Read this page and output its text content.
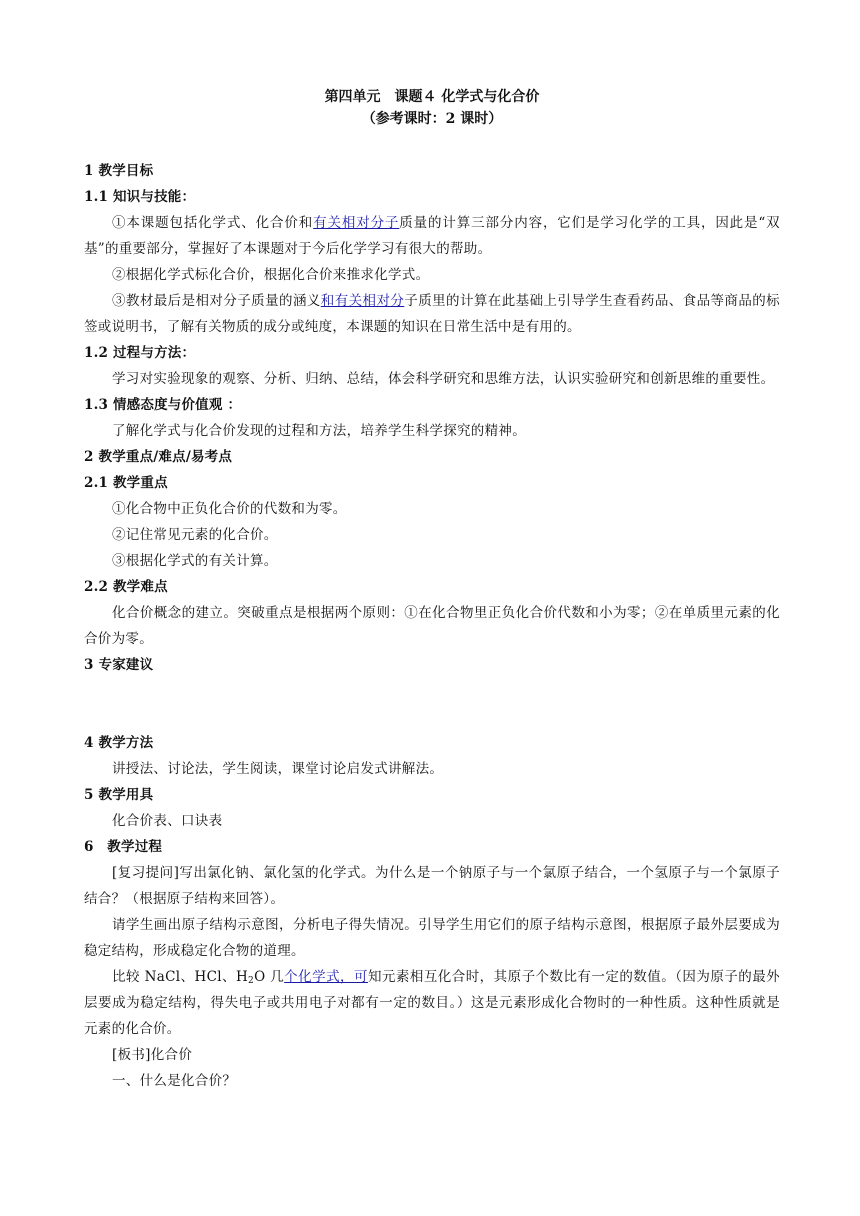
第四单元　课题４ 化学式与化合价

（参考课时：2 课时）

1 教学目标

1.1 知识与技能：

①本课题包括化学式、化合价和有关相对分子质量的计算三部分内容，它们是学习化学的工具，因此是“双基”的重要部分，掌握好了本课题对于今后化学学习有很大的帮助。

②根据化学式标化合价，根据化合价来推求化学式。

③教材最后是相对分子质量的涵义和有关相对分子质里的计算在此基础上引导学生查看药品、食品等商品的标签或说明书，了解有关物质的成分或纯度，本课题的知识在日常生活中是有用的。

1.2 过程与方法：

学习对实验现象的观察、分析、归纳、总结，体会科学研究和思维方法，认识实验研究和创新思维的重要性。

1.3 情感态度与价值观 ：

了解化学式与化合价发现的过程和方法，培养学生科学探究的精神。

2 教学重点/难点/易考点

2.1 教学重点

①化合物中正负化合价的代数和为零。

②记住常见元素的化合价。

③根据化学式的有关计算。

2.2 教学难点

化合价概念的建立。突破重点是根据两个原则：①在化合物里正负化合价代数和小为零；②在单质里元素的化合价为零。

3 专家建议

4 教学方法

讲授法、讨论法，学生阅读，课堂讨论启发式讲解法。

5 教学用具

化合价表、口诀表

6　教学过程

[复习提问]写出氯化钠、氯化氢的化学式。为什么是一个钠原子与一个氯原子结合，一个氢原子与一个氯原子结合？（根据原子结构来回答）。

请学生画出原子结构示意图，分析电子得失情况。引导学生用它们的原子结构示意图，根据原子最外层要成为稳定结构，形成稳定化合物的道理。

比较 NaCl、HCl、$H_2O$ 几个化学式，可知元素相互化合时，其原子个数比有一定的数值。（因为原子的最外层要成为稳定结构，得失电子或共用电子对都有一定的数目。）这是元素形成化合物时的一种性质。这种性质就是元素的化合价。

[板书]化合价

一、什么是化合价？
